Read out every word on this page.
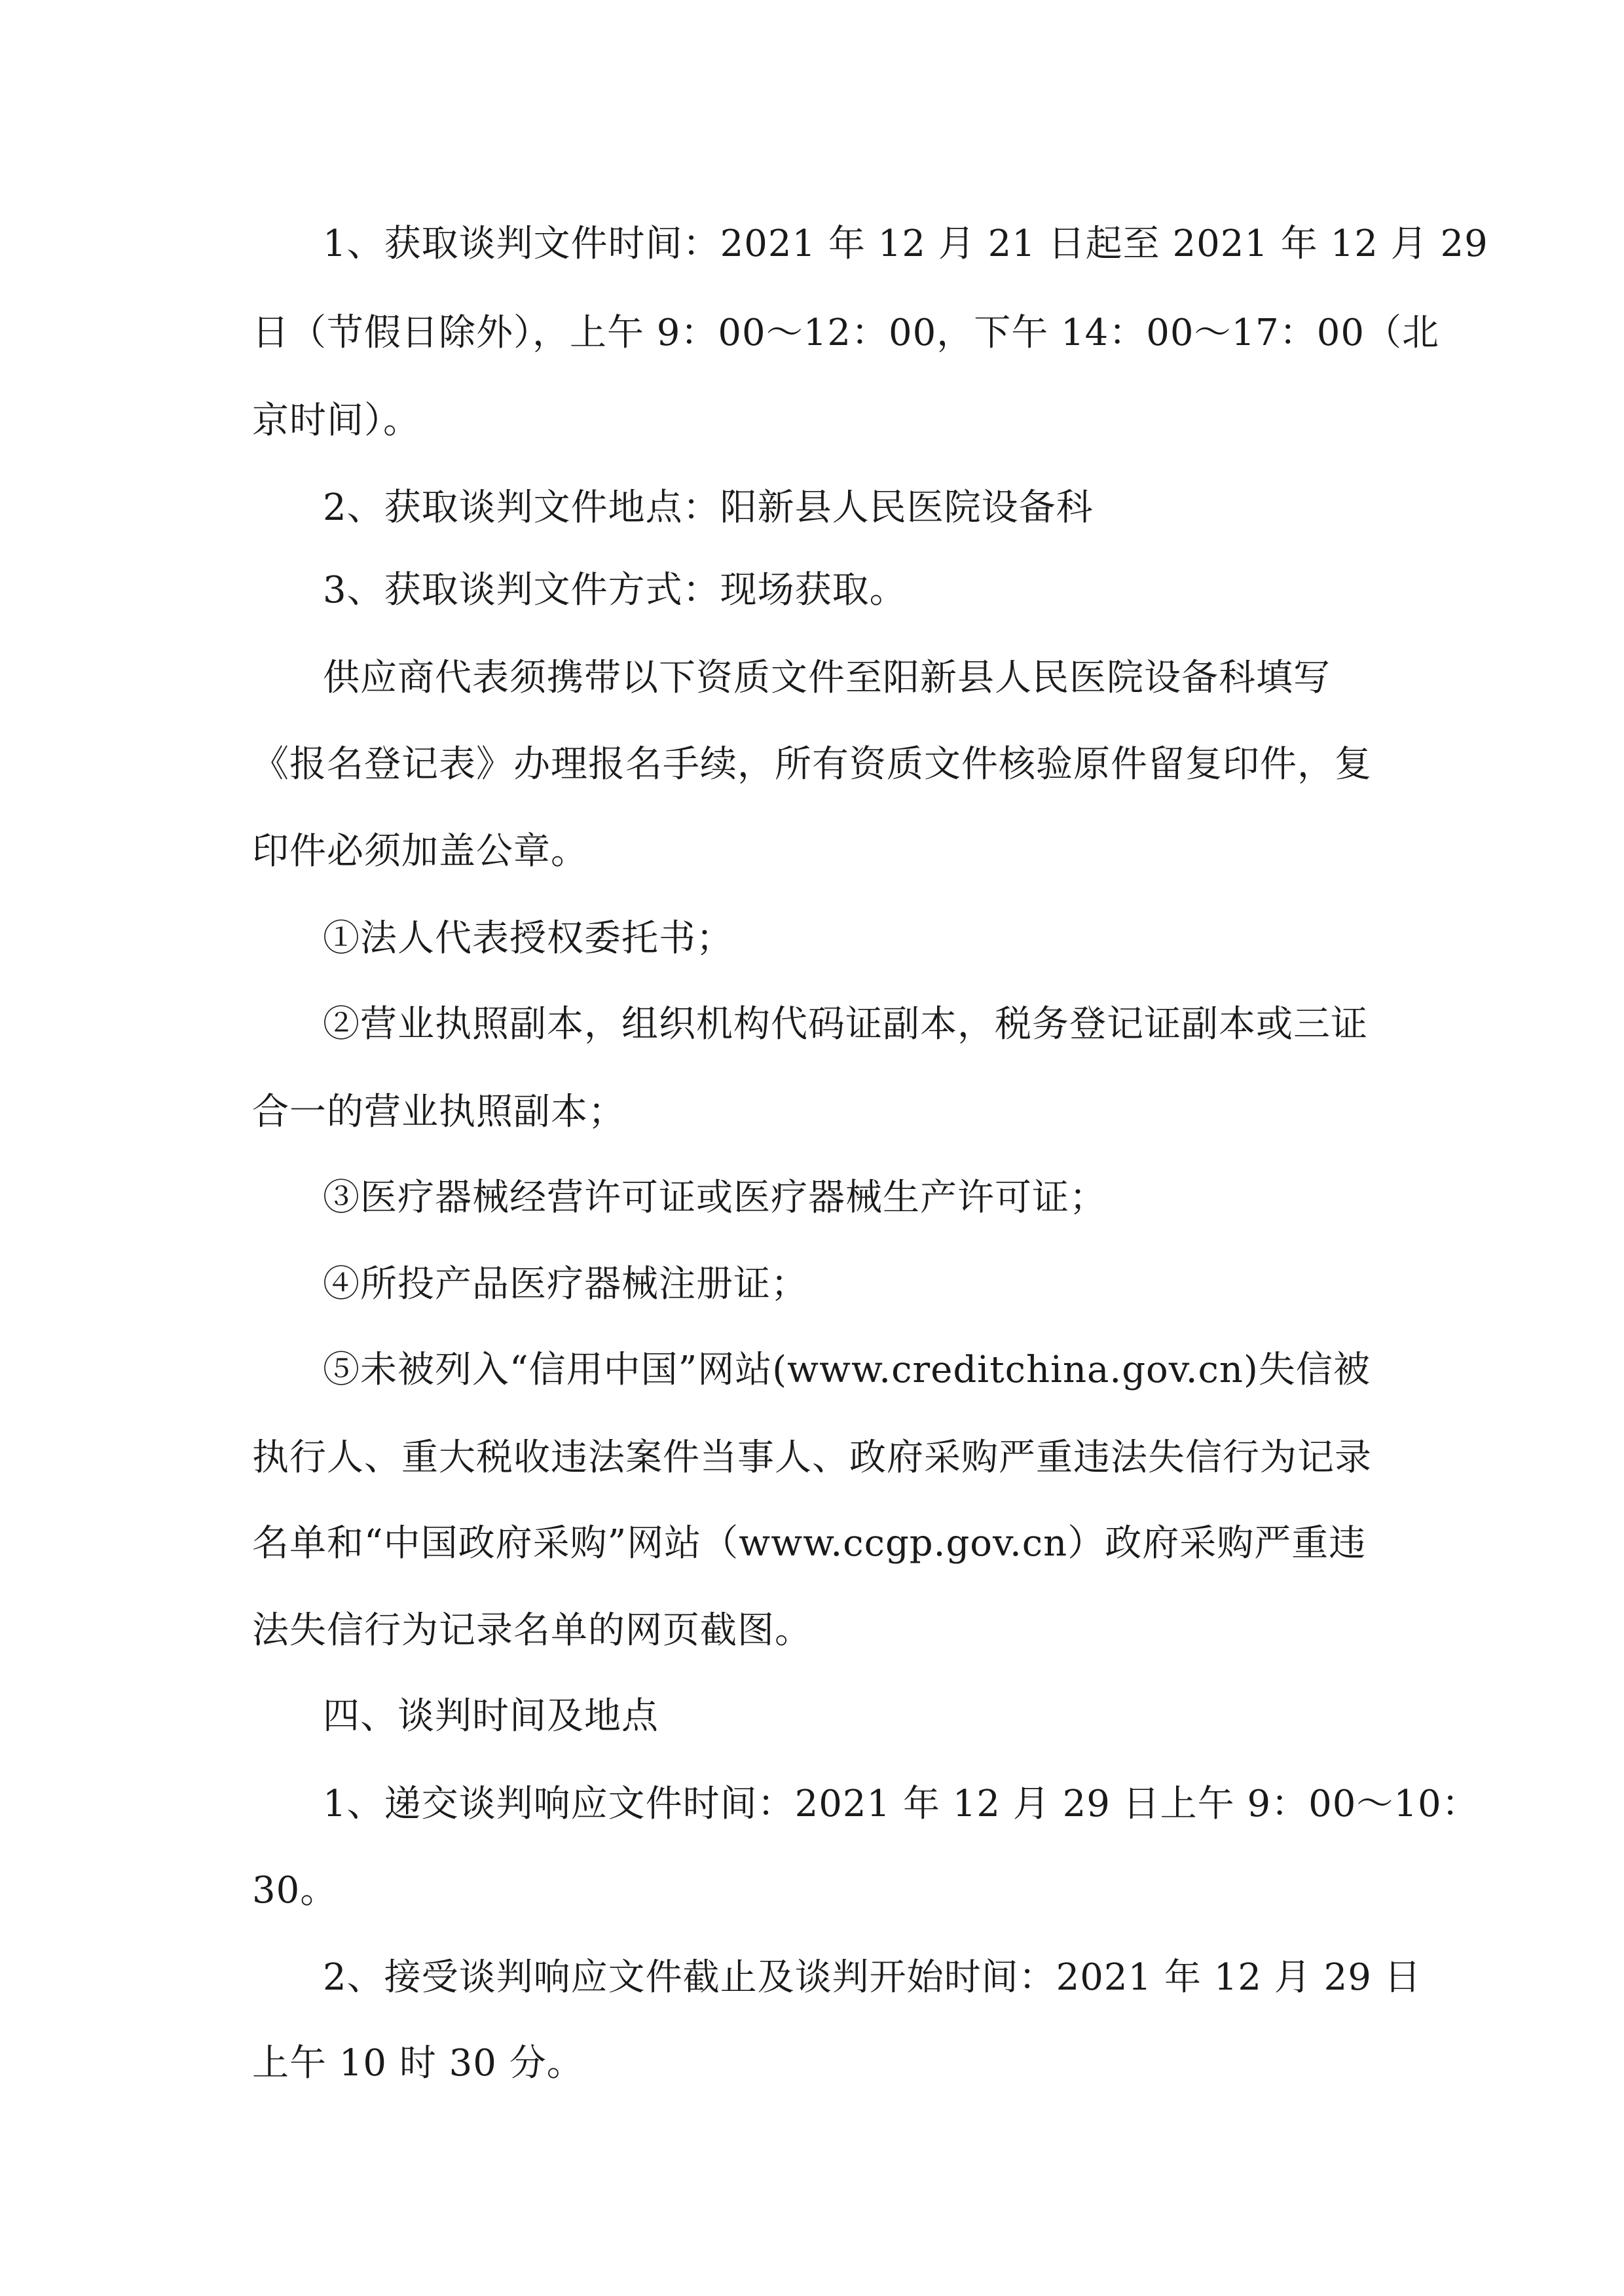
1、获取谈判文件时间：2021 年 12 月 21 日起至 2021 年 12 月 29
日（节假日除外），上午 9：00～12：00，下午 14：00～17：00（北
京时间）。
2、获取谈判文件地点：阳新县人民医院设备科
3、获取谈判文件方式：现场获取。
供应商代表须携带以下资质文件至阳新县人民医院设备科填写
《报名登记表》办理报名手续，所有资质文件核验原件留复印件，复
印件必须加盖公章。
①法人代表授权委托书；
②营业执照副本，组织机构代码证副本，税务登记证副本或三证
合一的营业执照副本；
③医疗器械经营许可证或医疗器械生产许可证；
④所投产品医疗器械注册证；
⑤未被列入“信用中国”网站(www.creditchina.gov.cn)失信被
执行人、重大税收违法案件当事人、政府采购严重违法失信行为记录
名单和“中国政府采购”网站（www.ccgp.gov.cn）政府采购严重违
法失信行为记录名单的网页截图。
四、谈判时间及地点
1、递交谈判响应文件时间：2021 年 12 月 29 日上午 9：00～10：
30。
2、接受谈判响应文件截止及谈判开始时间：2021 年 12 月 29 日
上午 10 时 30 分。
